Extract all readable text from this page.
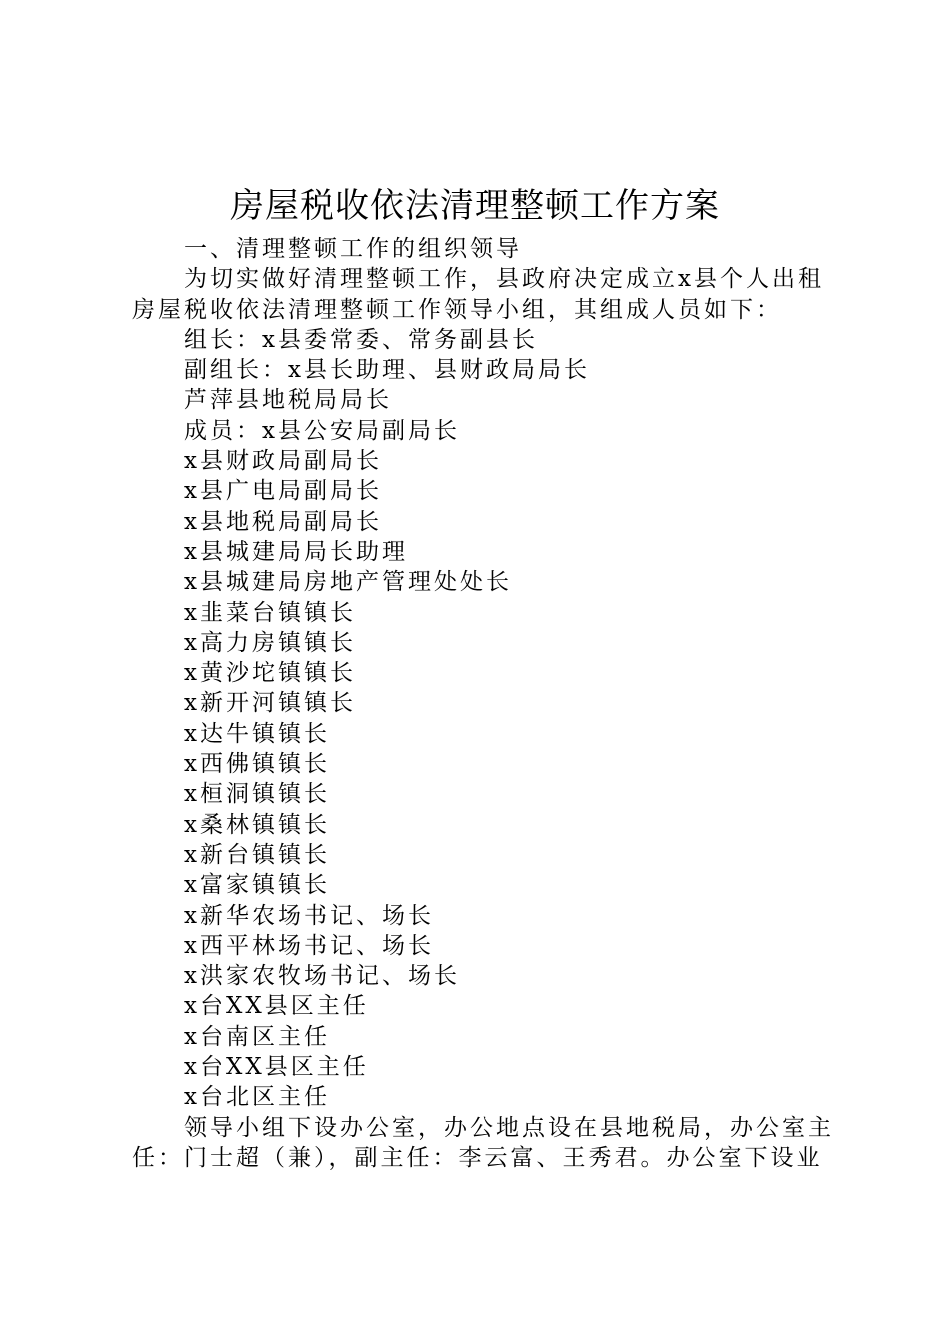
房屋税收依法清理整顿工作方案
一、清理整顿工作的组织领导
为切实做好清理整顿工作，县政府决定成立x县个人出租
房屋税收依法清理整顿工作领导小组，其组成人员如下：
组长：x县委常委、常务副县长
副组长：x县长助理、县财政局局长
芦萍县地税局局长
成员：x县公安局副局长
x县财政局副局长
x县广电局副局长
x县地税局副局长
x县城建局局长助理
x县城建局房地产管理处处长
x韭菜台镇镇长
x高力房镇镇长
x黄沙坨镇镇长
x新开河镇镇长
x达牛镇镇长
x西佛镇镇长
x桓洞镇镇长
x桑林镇镇长
x新台镇镇长
x富家镇镇长
x新华农场书记、场长
x西平林场书记、场长
x洪家农牧场书记、场长
x台XX县区主任
x台南区主任
x台XX县区主任
x台北区主任
领导小组下设办公室，办公地点设在县地税局，办公室主
任：门士超（兼），副主任：李云富、王秀君。办公室下设业
